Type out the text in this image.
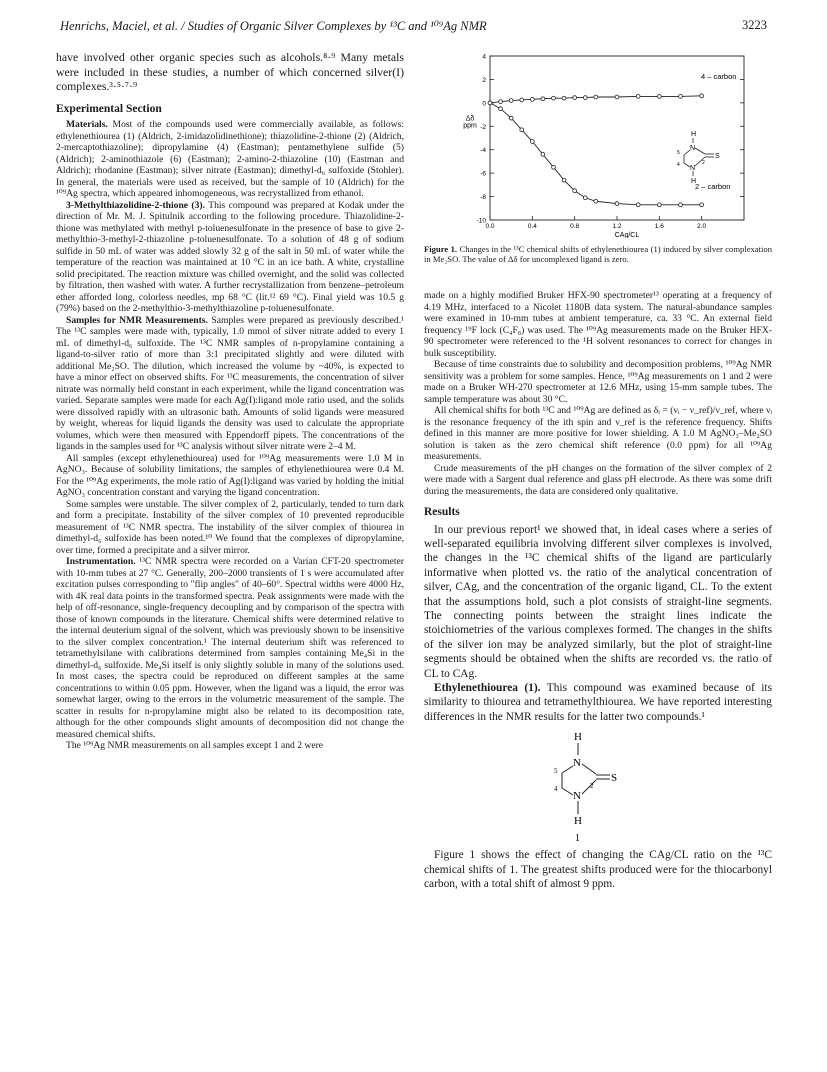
Henrichs, Maciel, et al. / Studies of Organic Silver Complexes by ¹³C and ¹⁰⁹Ag NMR	3223

have involved other organic species such as alcohols.⁸·⁹ Many metals were included in these studies, a number of which concerned silver(I) complexes.³·⁵·⁷·⁹

Experimental Section

Materials. Most of the compounds used were commercially available, as follows: ethylenethiourea (1) (Aldrich, 2-imidazolidinethione); thiazolidine-2-thione (2) (Aldrich, 2-mercaptothiazoline); dipropylamine (4) (Eastman); pentamethylene sulfide (5) (Aldrich); 2-aminothiazole (6) (Eastman); 2-amino-2-thiazoline (10) (Eastman and Aldrich); rhodanine (Eastman); silver nitrate (Eastman); dimethyl-d₆ sulfoxide (Stohler). In general, the materials were used as received, but the sample of 10 (Aldrich) for the ¹⁰⁹Ag spectra, which appeared inhomogeneous, was recrystallized from ethanol.

3-Methylthiazolidine-2-thione (3). This compound was prepared at Kodak under the direction of Mr. M. J. Spitulnik according to the following procedure. Thiazolidine-2-thione was methylated with methyl p-toluenesulfonate in the presence of base to give 2-methylthio-3-methyl-2-thiazoline p-toluenesulfonate. To a solution of 48 g of sodium sulfide in 50 mL of water was added slowly 32 g of the salt in 50 mL of water while the temperature of the reaction was maintained at 10 °C in an ice bath. A white, crystalline solid precipitated. The reaction mixture was chilled overnight, and the solid was collected by filtration, then washed with water. A further recrystallization from benzene–petroleum ether afforded long, colorless needles, mp 68 °C (lit.¹² 69 °C). Final yield was 10.5 g (79%) based on the 2-methylthio-3-methylthiazoline p-toluenesulfonate.

Samples for NMR Measurements. Samples were prepared as previously described.¹ The ¹³C samples were made with, typically, 1.0 mmol of silver nitrate added to every 1 mL of dimethyl-d₆ sulfoxide. The ¹³C NMR samples of n-propylamine containing a ligand-to-silver ratio of more than 3:1 precipitated slightly and were diluted with additional Me₂SO. The dilution, which increased the volume by ~40%, is expected to have a minor effect on observed shifts. For ¹³C measurements, the concentration of silver nitrate was normally held constant in each experiment, while the ligand concentration was varied. Separate samples were made for each Ag(I):ligand mole ratio used, and the solids were dissolved rapidly with an ultrasonic bath. Amounts of solid ligands were measured by weight, whereas for liquid ligands the density was used to calculate the appropriate volumes, which were then measured with Eppendorff pipets. The concentrations of the ligands in the samples used for ¹³C analysis without silver nitrate were 2–4 M.

All samples (except ethylenethiourea) used for ¹⁰⁹Ag measurements were 1.0 M in AgNO₃. Because of solubility limitations, the samples of ethylenethiourea were 0.4 M. For the ¹⁰⁹Ag experiments, the mole ratio of Ag(I):ligand was varied by holding the initial AgNO₃ concentration constant and varying the ligand concentration.

Some samples were unstable. The silver complex of 2, particularly, tended to turn dark and form a precipitate. Instability of the silver complex of 10 prevented reproducible measurement of ¹³C NMR spectra. The instability of the silver complex of thiourea in dimethyl-d₆ sulfoxide has been noted.¹⁰ We found that the complexes of dipropylamine, over time, formed a precipitate and a silver mirror.

Instrumentation. ¹³C NMR spectra were recorded on a Varian CFT-20 spectrometer with 10-mm tubes at 27 °C. Generally, 200–2000 transients of 1 s were accumulated after excitation pulses corresponding to "flip angles" of 40–60°. Spectral widths were 4000 Hz, with 4K real data points in the transformed spectra. Peak assignments were made with the help of off-resonance, single-frequency decoupling and by comparison of the spectra with those of known compounds in the literature. Chemical shifts were determined relative to the internal deuterium signal of the solvent, which was previously shown to be insensitive to the silver complex concentration.¹ The internal deuterium shift was referenced to tetramethylsilane with calibrations determined from samples containing Me₄Si in the dimethyl-d₆ sulfoxide. Me₄Si itself is only slightly soluble in many of the solutions used. In most cases, the spectra could be reproduced on different samples at the same concentrations to within 0.05 ppm. However, when the ligand was a liquid, the error was somewhat larger, owing to the errors in the volumetric measurement of the sample. The scatter in results for n-propylamine might also be related to its decomposition rate, although for the other compounds slight amounts of decomposition did not change the measured chemical shifts.

The ¹⁰⁹Ag NMR measurements on all samples except 1 and 2 were

4
2
0
-2
-4
-6
-8
-10
0.0	0.4	0.8	1.2	1.6	2.0
CAg/CL
Δδ
ppm
4 – carbon
2 – carbon
H
N
S
N
H
5
4	2
Figure 1. Changes in the ¹³C chemical shifts of ethylenethiourea (1) induced by silver complexation in Me₂SO. The value of Δδ for uncomplexed ligand is zero.

made on a highly modified Bruker HFX-90 spectrometer¹³ operating at a frequency of 4.19 MHz, interfaced to a Nicolet 1180B data system. The natural-abundance samples were examined in 10-mm tubes at ambient temperature, ca. 33 °C. An external field frequency ¹⁹F lock (C₄F₈) was used. The ¹⁰⁹Ag measurements made on the Bruker HFX-90 spectrometer were referenced to the ¹H solvent resonances to correct for changes in bulk susceptibility.

Because of time constraints due to solubility and decomposition problems, ¹⁰⁹Ag NMR sensitivity was a problem for some samples. Hence, ¹⁰⁹Ag measurements on 1 and 2 were made on a Bruker WH-270 spectrometer at 12.6 MHz, using 15-mm sample tubes. The sample temperature was about 30 °C.

All chemical shifts for both ¹³C and ¹⁰⁹Ag are defined as δᵢ = (νᵢ − ν_ref)/ν_ref, where νᵢ is the resonance frequency of the ith spin and ν_ref is the reference frequency. Shifts defined in this manner are more positive for lower shielding. A 1.0 M AgNO₃–Me₂SO solution is taken as the zero chemical shift reference (0.0 ppm) for all ¹⁰⁹Ag measurements.

Crude measurements of the pH changes on the formation of the silver complex of 2 were made with a Sargent dual reference and glass pH electrode. As there was some drift during the measurements, the data are considered only qualitative.

Results

In our previous report¹ we showed that, in ideal cases where a series of well-separated equilibria involving different silver complexes is involved, the changes in the ¹³C chemical shifts of the ligand are particularly informative when plotted vs. the ratio of the analytical concentration of silver, CAg, and the concentration of the organic ligand, CL. To the extent that the assumptions hold, such a plot consists of straight-line segments. The connecting points between the straight lines indicate the stoichiometries of the various complexes formed. The changes in the shifts of the silver ion may be analyzed similarly, but the plot of straight-line segments should be obtained when the shifts are recorded vs. the ratio of CL to CAg.

Ethylenethiourea (1). This compound was examined because of its similarity to thiourea and tetramethylthiourea. We have reported interesting differences in the NMR results for the latter two compounds.¹

H
N
S
N
H
5
4	2
1

Figure 1 shows the effect of changing the CAg/CL ratio on the ¹³C chemical shifts of 1. The greatest shifts produced were for the thiocarbonyl carbon, with a total shift of almost 9 ppm.
